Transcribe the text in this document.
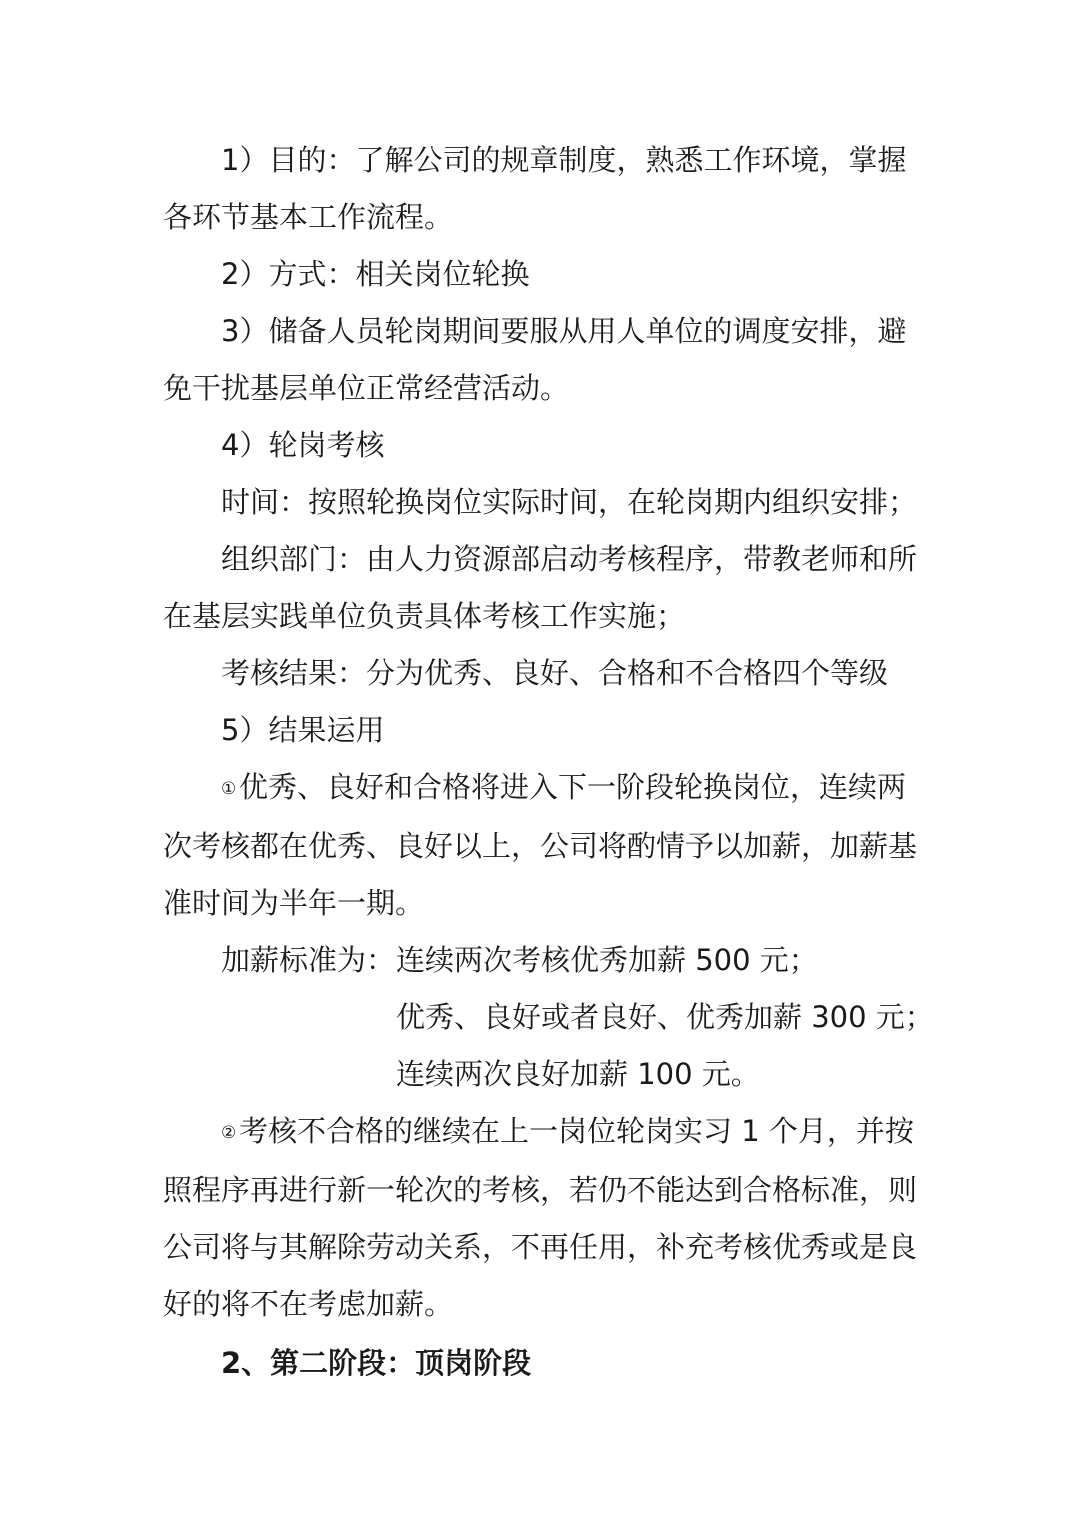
1）目的：了解公司的规章制度，熟悉工作环境，掌握各环节基本工作流程。

2）方式：相关岗位轮换

3）储备人员轮岗期间要服从用人单位的调度安排，避免干扰基层单位正常经营活动。

4）轮岗考核

时间：按照轮换岗位实际时间，在轮岗期内组织安排；

组织部门：由人力资源部启动考核程序，带教老师和所在基层实践单位负责具体考核工作实施；

考核结果：分为优秀、良好、合格和不合格四个等级

5）结果运用

①优秀、良好和合格将进入下一阶段轮换岗位，连续两次考核都在优秀、良好以上，公司将酌情予以加薪，加薪基准时间为半年一期。

加薪标准为： 连续两次考核优秀加薪 500 元；
优秀、良好或者良好、优秀加薪 300 元；
连续两次良好加薪 100 元。

②考核不合格的继续在上一岗位轮岗实习 1 个月，并按照程序再进行新一轮次的考核，若仍不能达到合格标准，则公司将与其解除劳动关系，不再任用，补充考核优秀或是良好的将不在考虑加薪。

2、第二阶段：顶岗阶段
